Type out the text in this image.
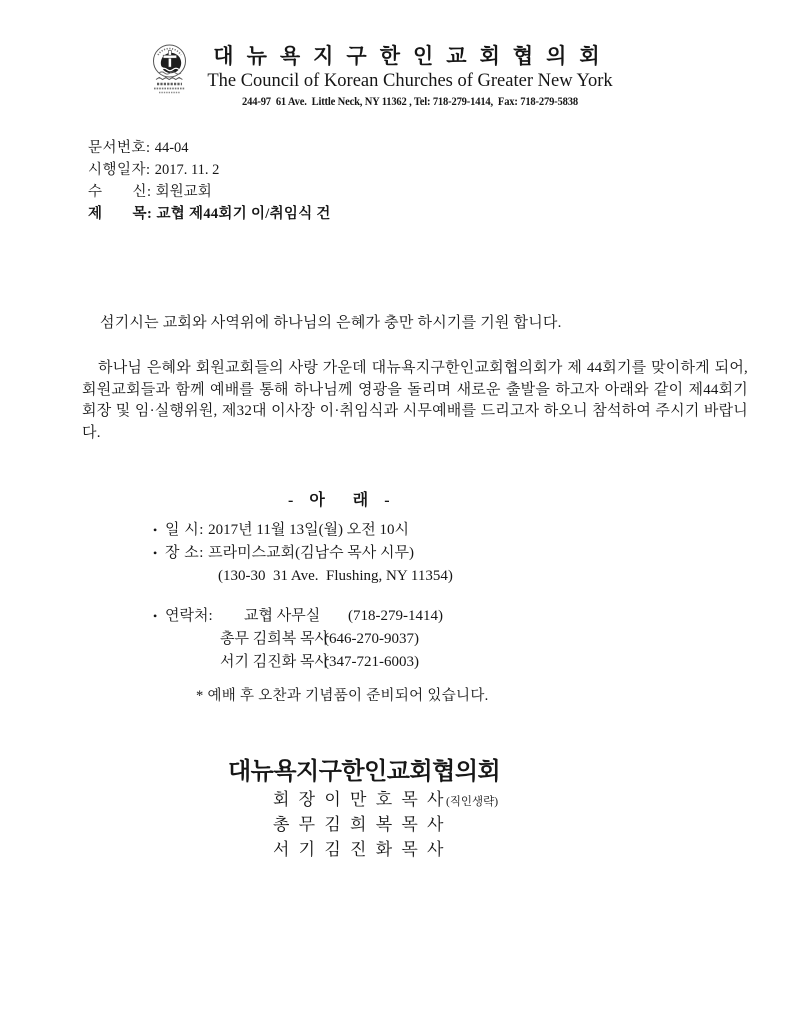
대뉴욕지구한인교회협의회
The Council of Korean Churches of Greater New York
244-97  61 Ave.  Little Neck, NY 11362 , Tel: 718-279-1414,  Fax: 718-279-5838
문서번호: 44-04
시행일자: 2017. 11. 2
수　　신: 회원교회
제　　목: 교협 제44회기 이/취임식 건
섬기시는 교회와 사역위에 하나님의 은혜가 충만 하시기를 기원 합니다.
하나님 은혜와 회원교회들의 사랑 가운데 대뉴욕지구한인교회협의회가 제 44회기를 맞이하게 되어, 회원교회들과 함께 예배를 통해 하나님께 영광을 돌리며 새로운 출발을 하고자 아래와 같이 제44회기 회장 및 임·실행위원, 제32대 이사장 이·취임식과 시무예배를 드리고자 하오니 참석하여 주시기 바랍니다.
- 아　래 -
• 일 시: 2017년 11월 13일(월) 오전 10시
• 장 소: 프라미스교회(김남수 목사 시무)
(130-30  31 Ave.  Flushing, NY 11354)
• 연락처:	교협 사무실	(718-279-1414)
총무 김희복 목사
(646-270-9037)
서기 김진화 목사
(347-721-6003)
* 예배 후 오찬과 기념품이 준비되어 있습니다.
대뉴욕지구한인교회협의회
회 장 이 만 호 목 사(직인생략)
총 무 김 희 복 목 사
서 기 김 진 화 목 사
